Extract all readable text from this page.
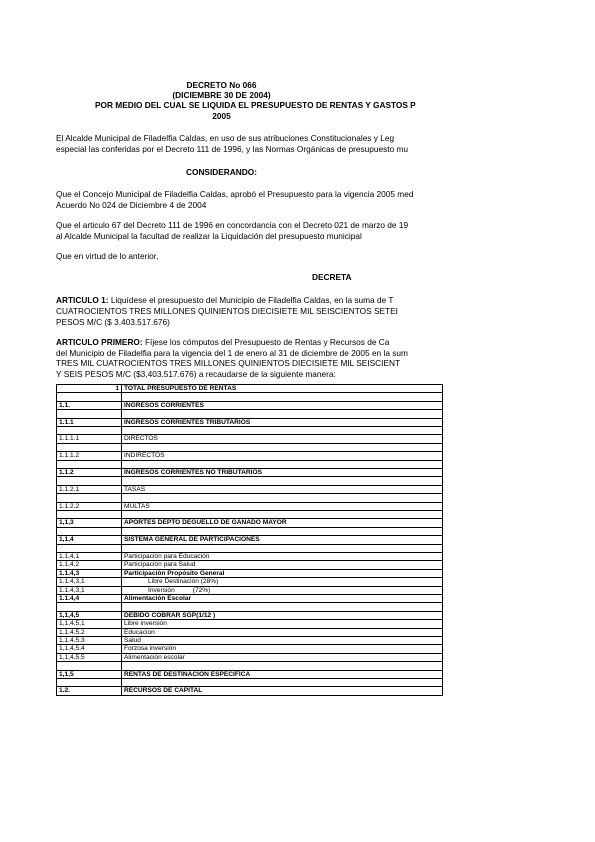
DECRETO No 066
(DICIEMBRE 30 DE 2004)
POR MEDIO DEL CUAL SE LIQUIDA EL PRESUPUESTO DE RENTAS Y GASTOS P
2005
El Alcalde Municipal de Filadelfia Caldas, en uso de sus atribuciones Constitucionales y Leg
especial las conferidas por el Decreto 111 de 1996, y las Normas Orgánicas de presupuesto mu
CONSIDERANDO:
Que el Concejo Municipal de Filadelfia Caldas, aprobó el Presupuesto para la vigencia 2005 med
Acuerdo No 024 de Diciembre 4 de 2004
Que el articulo 67 del Decreto 111 de 1996 en concordancia con el Decreto 021 de marzo de 19
al Alcalde Municipal la facultad de realizar la Liquidación del presupuesto municipal
Que en virtud de lo anterior,
DECRETA
ARTICULO 1: Liquídese el presupuesto del Municipio de Filadelfia Caldas, en la suma de T
CUATROCIENTOS TRES MILLONES QUINIENTOS DIECISIETE MIL SEISCIENTOS SETEI
PESOS M/C ($ 3.403.517.676)
ARTICULO PRIMERO: Fíjese los cómputos del Presupuesto de Rentas y Recursos de Ca
del Municipio de Filadelfia para la vigencia del 1 de enero al 31 de diciembre de 2005 en la sum
TRES MIL CUATROCIENTOS TRES MILLONES QUINIENTOS DIECISIETE MIL SEISCIENT
Y SEIS PESOS M/C ($3,403.517.676) a recaudarse de la siguiente manera:
1	TOTAL PRESUPUESTO DE RENTAS

1.1.	INGRESOS CORRIENTES

1.1.1	INGRESOS CORRIENTES TRIBUTARIOS

1.1.1.1	DIRECTOS

1.1.1.2	INDIRECTOS

1.1.2	INGRESOS CORRIENTES NO TRIBUTARIOS

1.1.2.1	TASAS

1.1.2.2	MULTAS

1,1,3	APORTES DEPTO DEGUELLO DE GANADO MAYOR

1,1,4	SISTEMA GENERAL DE PARTICIPACIONES

1.1,4,1	Participación para Educación
1.1,4,2	Participación para Salud
1.1.4,3	Participación Propósito General
1.1.4,3,1	Libre Destinación (28%)
1.1.4,3,1	Inversión (72%)
1.1.4,4	Alimentación Escolar

1,1,4,5	DEBIDO COBRAR SGP(1/12 )
1,1,4,5,1	Libre inversión
1.1.4.5.2	Educacion
1.1.4.5.3	Salud
1,1,4,5,4	Forzosa inversión
1,1,4,5,5	Alimentación escolar

1,1,5	RENTAS DE DESTINACIÓN ESPECIFICA

1.2.	RECURSOS DE CAPITAL
